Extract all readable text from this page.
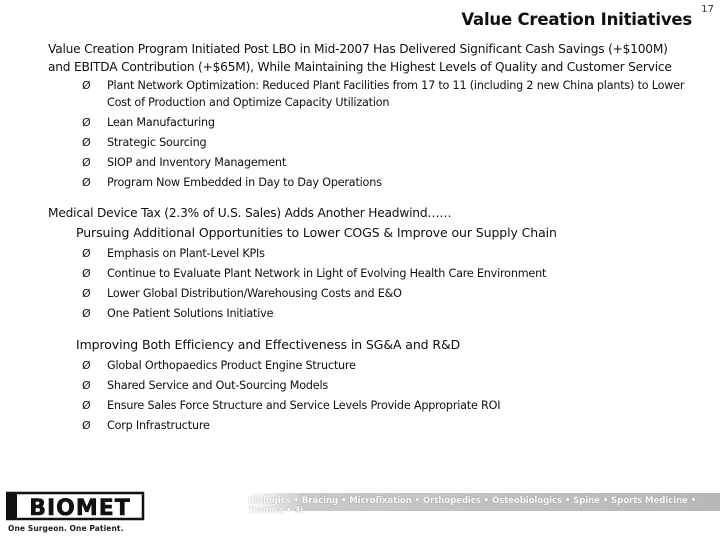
Value Creation Initiatives
17
Value Creation Program Initiated Post LBO in Mid-2007 Has Delivered Significant Cash Savings (+$100M) and EBITDA Contribution (+$65M), While Maintaining the Highest Levels of Quality and Customer Service
Ø Plant Network Optimization: Reduced Plant Facilities from 17 to 11 (including 2 new China plants) to Lower Cost of Production and Optimize Capacity Utilization
Ø Lean Manufacturing
Ø Strategic Sourcing
Ø SIOP and Inventory Management
Ø Program Now Embedded in Day to Day Operations
Medical Device Tax (2.3% of U.S. Sales) Adds Another Headwind……
Pursuing Additional Opportunities to Lower COGS & Improve our Supply Chain
Ø Emphasis on Plant-Level KPIs
Ø Continue to Evaluate Plant Network in Light of Evolving Health Care Environment
Ø Lower Global Distribution/Warehousing Costs and E&O
Ø One Patient Solutions Initiative
Improving Both Efficiency and Effectiveness in SG&A and R&D
Ø Global Orthopaedics Product Engine Structure
Ø Shared Service and Out-Sourcing Models
Ø Ensure Sales Force Structure and Service Levels Provide Appropriate ROI
Ø Corp Infrastructure
BIOMET
One Surgeon. One Patient.
Biologics • Bracing • Microfixation • Orthopedics • Osteobiologics • Spine • Sports Medicine • Trauma • 3i
